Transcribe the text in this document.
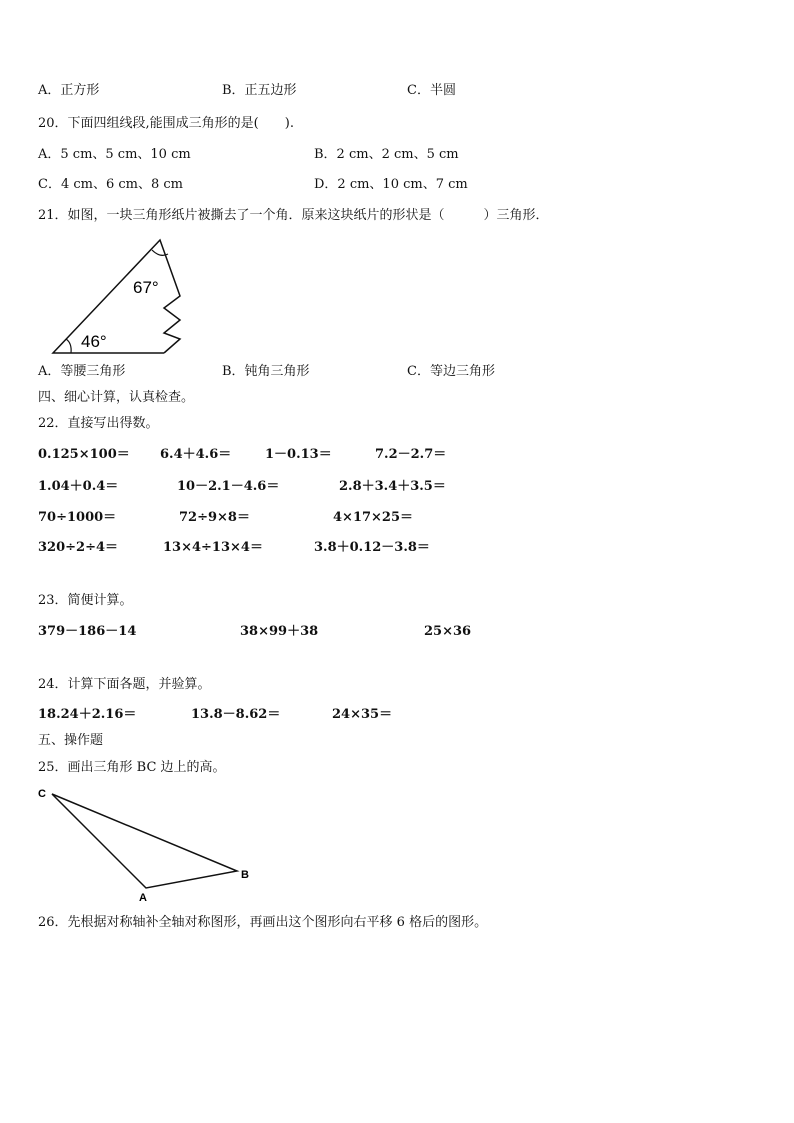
A．正方形	B．正五边形	C．半圆
20．下面四组线段,能围成三角形的是(　　).
A．5 cm、5 cm、10 cm	B．2 cm、2 cm、5 cm
C．4 cm、6 cm、8 cm	D．2 cm、10 cm、7 cm
21．如图，一块三角形纸片被撕去了一个角．原来这块纸片的形状是（　　　）三角形．
67°
46°
A．等腰三角形	B．钝角三角形	C．等边三角形
四、细心计算，认真检查。
22．直接写出得数。
0.125×100＝ 6.4＋4.6＝	1－0.13＝	7.2－2.7＝
1.04＋0.4＝	10－2.1－4.6＝	2.8＋3.4＋3.5＝
70÷1000＝	72÷9×8＝	4×17×25＝
320÷2÷4＝	13×4÷13×4＝	3.8＋0.12－3.8＝
23．简便计算。
379－186－14	38×99＋38	25×36
24．计算下面各题，并验算。
18.24＋2.16＝	13.8－8.62＝	24×35＝
五、操作题
25．画出三角形 BC 边上的高。
C
A
B
26．先根据对称轴补全轴对称图形，再画出这个图形向右平移 6 格后的图形。
